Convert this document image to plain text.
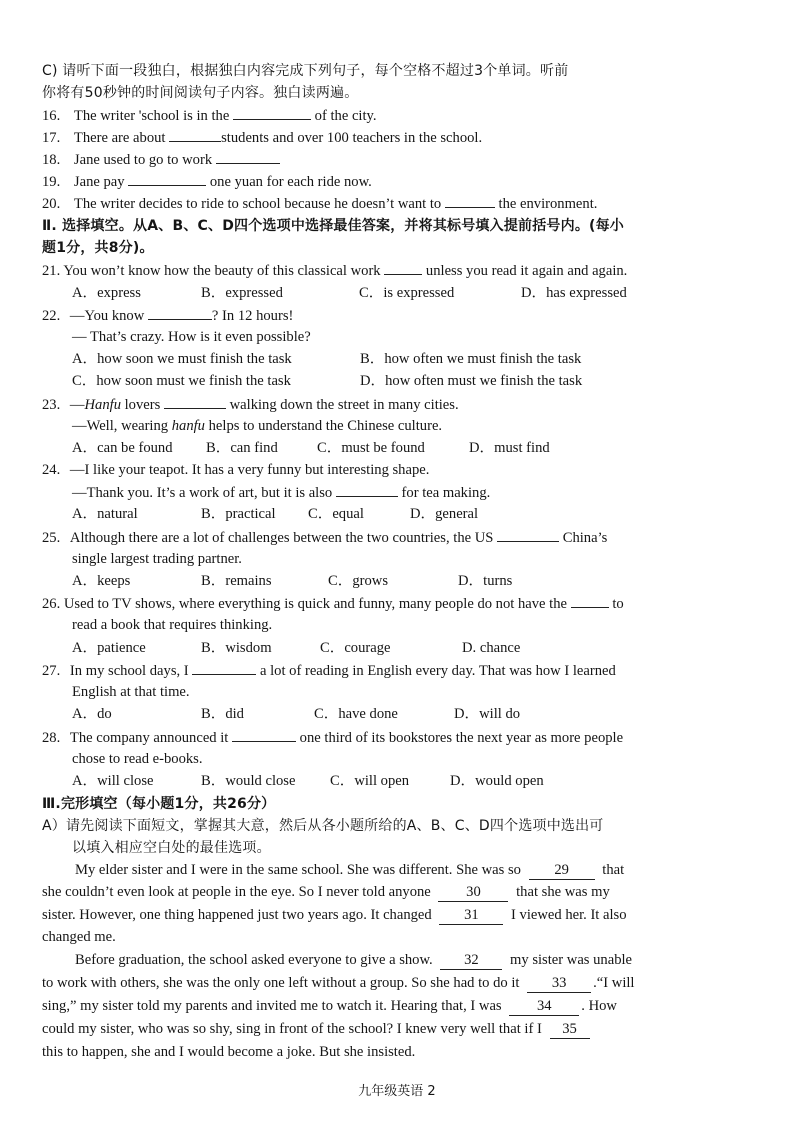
C) 请听下面一段独白，根据独白内容完成下列句子，每个空格不超过3个单词。听前
你将有50秒钟的时间阅读句子内容。独白读两遍。
16. The writer 'school is in the	of the city.
17. There are about	students and over 100 teachers in the school.
18. Jane used to go to work
19. Jane pay	one yuan for each ride now.
20. The writer decides to ride to school because he doesn’t want to	the environment.
Ⅱ. 选择填空。从A、B、C、D四个选项中选择最佳答案，并将其标号填入提前括号内。(每小
题1分，共8分)。
21. You won’t know how the beauty of this classical work	unless you read it again and again.
A．express	B．expressed	C．is expressed	D．has expressed
22. —You know	? In 12 hours!
— That’s crazy. How is it even possible?
A．how soon we must finish the task	B．how often we must finish the task
C．how soon must we finish the task	D．how often must we finish the task
23. —Hanfu lovers	walking down the street in many cities.
—Well, wearing hanfu helps to understand the Chinese culture.
A．can be found B．can find	C．must be found	D．must find
24. —I like your teapot. It has a very funny but interesting shape.
—Thank you. It’s a work of art, but it is also	for tea making.
A．natural	B．practical C．equal	D．general
25. Although there are a lot of challenges between the two countries, the US	China’s
single largest trading partner.
A．keeps	B．remains	C．grows	D．turns
26. Used to TV shows, where everything is quick and funny, many people do not have the	to
read a book that requires thinking.
A．patience	B．wisdom	C．courage	D. chance
27. In my school days, I	a lot of reading in English every day. That was how I learned
English at that time.
A．do	B．did	C．have done	D．will do
28. The company announced it	one third of its bookstores the next year as more people
chose to read e-books.
A．will close	B．would close C．will open	D．would open
Ⅲ.完形填空（每小题1分，共26分）
A）请先阅读下面短文，掌握其大意，然后从各小题所给的A、B、C、D四个选项中选出可
以填入相应空白处的最佳选项。
My elder sister and I were in the same school. She was different. She was so 29 that
she couldn’t even look at people in the eye. So I never told anyone 30 that she was my
sister. However, one thing happened just two years ago. It changed 31 I viewed her. It also
changed me.
Before graduation, the school asked everyone to give a show. 32 my sister was unable
to work with others, she was the only one left without a group. So she had to do it 33 .“I will
sing,” my sister told my parents and invited me to watch it. Hearing that, I was 34 . How
could my sister, who was so shy, sing in front of the school? I knew very well that if I 35
this to happen, she and I would become a joke. But she insisted.
九年级英语 2
